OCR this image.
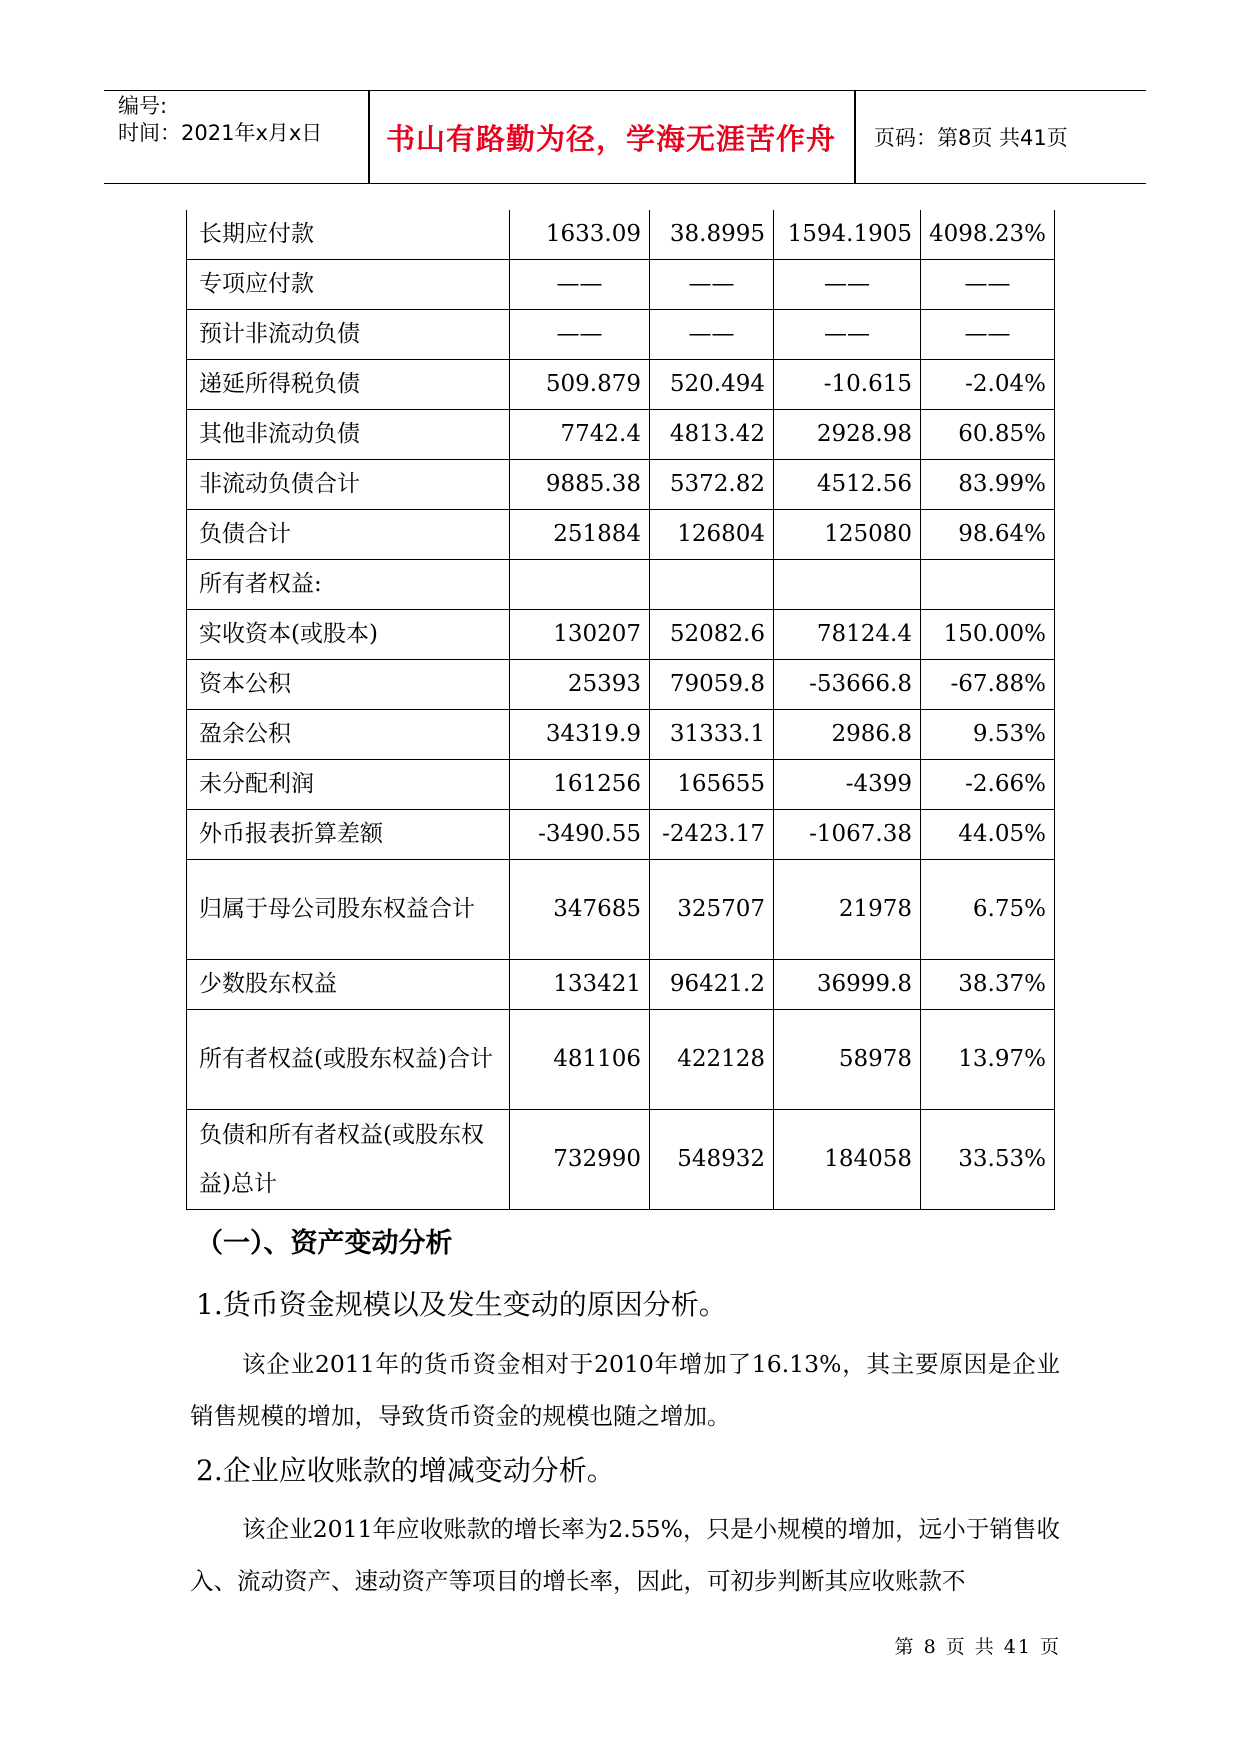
编号:
时间：2021年x月x日	书山有路勤为径，学海无涯苦作舟	页码：第8页 共41页
长期应付款	1633.09	38.8995	1594.1905	4098.23%
专项应付款	——	——	——	——
预计非流动负债	——	——	——	——
递延所得税负债	509.879	520.494	-10.615	-2.04%
其他非流动负债	7742.4	4813.42	2928.98	60.85%
非流动负债合计	9885.38	5372.82	4512.56	83.99%
负债合计	251884	126804	125080	98.64%
所有者权益:				
实收资本(或股本)	130207	52082.6	78124.4	150.00%
资本公积	25393	79059.8	-53666.8	-67.88%
盈余公积	34319.9	31333.1	2986.8	9.53%
未分配利润	161256	165655	-4399	-2.66%
外币报表折算差额	-3490.55	-2423.17	-1067.38	44.05%
归属于母公司股东权益合计	347685	325707	21978	6.75%
少数股东权益	133421	96421.2	36999.8	38.37%
所有者权益(或股东权益)合计	481106	422128	58978	13.97%
负债和所有者权益(或股东权益)总计	732990	548932	184058	33.53%
（一）、资产变动分析
1.货币资金规模以及发生变动的原因分析。
该企业2011年的货币资金相对于2010年增加了16.13%，其主要原因是企业销售规模的增加，导致货币资金的规模也随之增加。
2.企业应收账款的增减变动分析。
该企业2011年应收账款的增长率为2.55%，只是小规模的增加，远小于销售收入、流动资产、速动资产等项目的增长率，因此，可初步判断其应收账款不
第 8 页 共 41 页
